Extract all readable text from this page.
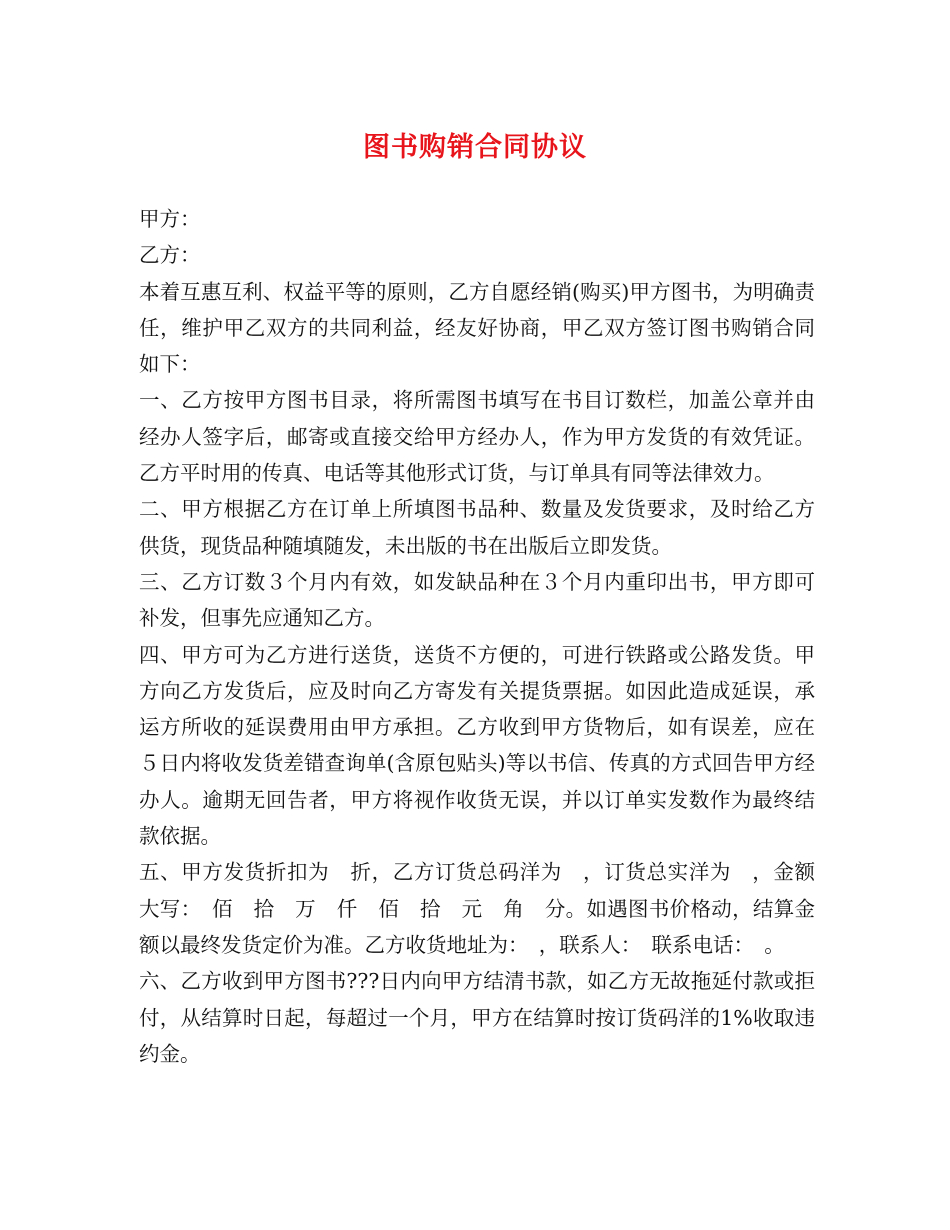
图书购销合同协议

甲方：

乙方：

本着互惠互利、权益平等的原则，乙方自愿经销(购买)甲方图书，为明确责任，维护甲乙双方的共同利益，经友好协商，甲乙双方签订图书购销合同如下：

一、乙方按甲方图书目录，将所需图书填写在书目订数栏，加盖公章并由经办人签字后，邮寄或直接交给甲方经办人，作为甲方发货的有效凭证。乙方平时用的传真、电话等其他形式订货，与订单具有同等法律效力。

二、甲方根据乙方在订单上所填图书品种、数量及发货要求，及时给乙方供货，现货品种随填随发，未出版的书在出版后立即发货。

三、乙方订数３个月内有效，如发缺品种在３个月内重印出书，甲方即可补发，但事先应通知乙方。

四、甲方可为乙方进行送货，送货不方便的，可进行铁路或公路发货。甲方向乙方发货后，应及时向乙方寄发有关提货票据。如因此造成延误，承运方所收的延误费用由甲方承担。乙方收到甲方货物后，如有误差，应在５日内将收发货差错查询单(含原包贴头)等以书信、传真的方式回告甲方经办人。逾期无回告者，甲方将视作收货无误，并以订单实发数作为最终结款依据。

五、甲方发货折扣为　折，乙方订货总码洋为　，订货总实洋为　，金额大写：　佰　拾　万　仟　佰　拾　元　角　分。如遇图书价格动，结算金额以最终发货定价为准。乙方收货地址为：　，联系人：　联系电话：　。

六、乙方收到甲方图书???日内向甲方结清书款，如乙方无故拖延付款或拒付，从结算时日起，每超过一个月，甲方在结算时按订货码洋的1%收取违约金。
